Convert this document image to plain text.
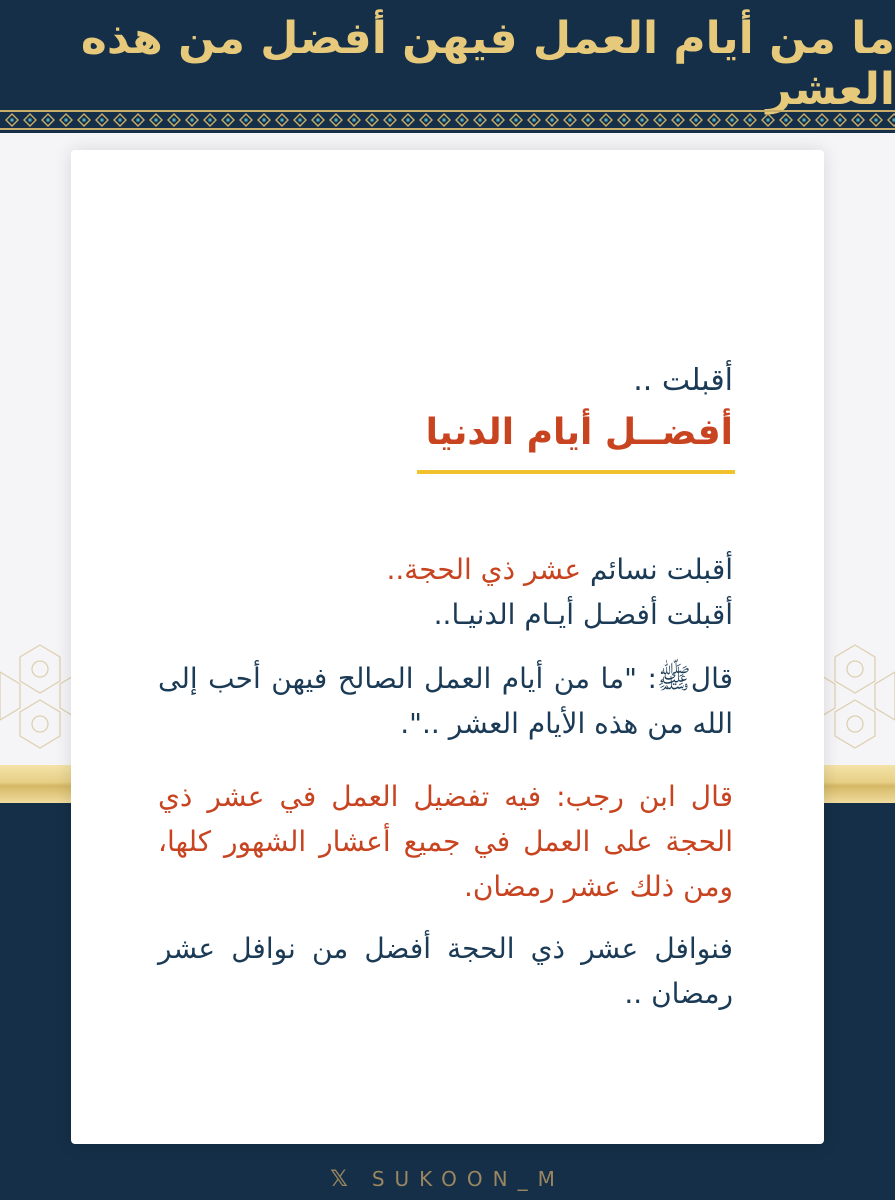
ما من أيام العمل فيهن أفضل من هذه العشر
أقبلت ..
أفضــل أيام الدنيا
أقبلت نسائم عشر ذي الحجة..
أقبلت أفضـل أيـام الدنيـا..
قالﷺ: "ما من أيام العمل الصالح فيهن أحب إلى الله من هذه الأيام العشر ..".
قال ابن رجب: فيه تفضيل العمل في عشر ذي الحجة على العمل في جميع أعشار الشهور كلها، ومن ذلك عشر رمضان.
فنوافل عشر ذي الحجة أفضل من نوافل عشر رمضان ..
𝕏 SUKOON_M
